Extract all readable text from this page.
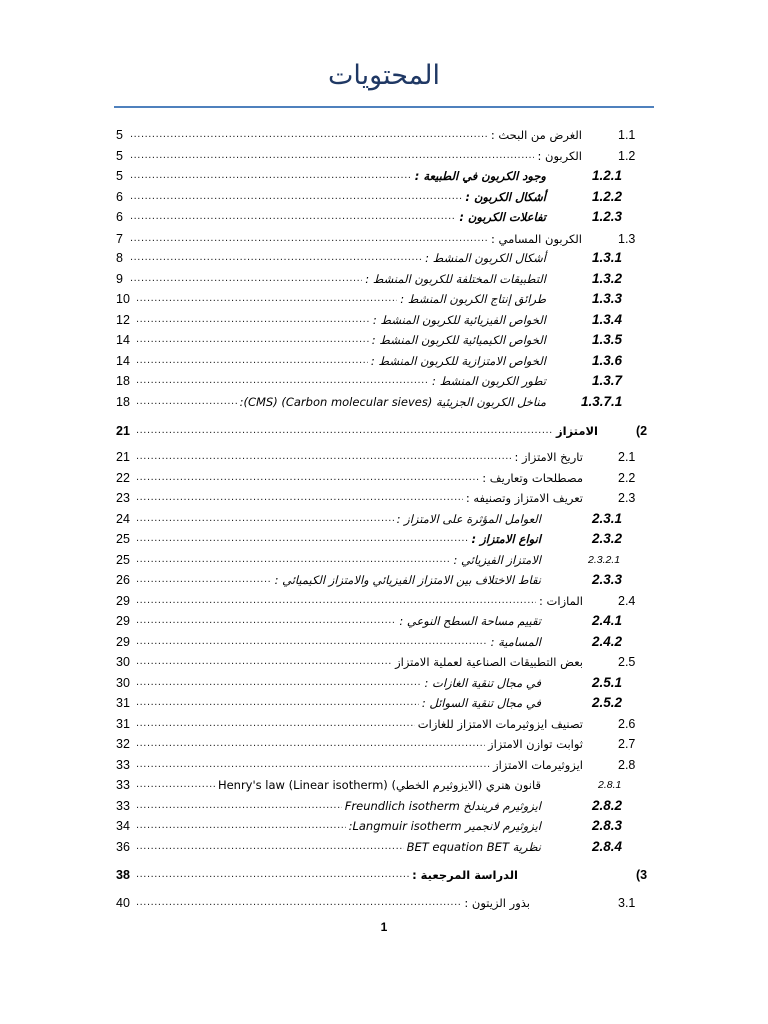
المحتويات
5	الغرض من البحث : .....	1.1
5	الكربون : .....	1.2
5	وجود الكربون في الطبيعة : .....	1.2.1
6	أشكال الكربون : .....	1.2.2
6	تفاعلات الكربون : .....	1.2.3
7	الكربون المسامي : .....	1.3
8	أشكال الكربون المنشط : .....	1.3.1
9	التطبيقات المختلفة للكربون المنشط : .....	1.3.2
10	طرائق إنتاج الكربون المنشط : .....	1.3.3
12	الخواص الفيزيائية للكربون المنشط : .....	1.3.4
14	الخواص الكيميائية للكربون المنشط : .....	1.3.5
14	الخواص الامتزازية للكربون المنشط : .....	1.3.6
18	تطور الكربون المنشط : .....	1.3.7
18	مناخل الكربون الجزيئية (Carbon molecular sieves) (CMS): .....	1.3.7.1
21	الامتزاز .....	(2
21	تاريخ الامتزاز : .....	2.1
22	مصطلحات وتعاريف : .....	2.2
23	تعريف الامتزاز وتصنيفه : .....	2.3
24	العوامل المؤثرة على الامتزاز : .....	2.3.1
25	انواع الامتزاز : .....	2.3.2
25	الامتزاز الفيزيائي : .....	2.3.2.1
26	نقاط الاختلاف بين الامتزاز الفيزيائي والامتزاز الكيميائي : .....	2.3.3
29	المازات : .....	2.4
29	تقييم مساحة السطح النوعي : .....	2.4.1
29	المسامية : .....	2.4.2
30	بعض التطبيقات الصناعية لعملية الامتزاز .....	2.5
30	في مجال تنقية الغازات : .....	2.5.1
31	في مجال تنقية السوائل : .....	2.5.2
31	تصنيف ايزوثيرمات الامتزاز للغازات .....	2.6
32	ثوابت توازن الامتزاز .....	2.7
33	ايزوثيرمات الامتزاز .....	2.8
33	قانون هنري (الايزوثيرم الخطي) Henry's law (Linear isotherm) .....	2.8.1
33	ايزوثيرم فريندلخ Freundlich isotherm .....	2.8.2
34	ايزوثيرم لانجمير Langmuir isotherm: .....	2.8.3
36	نظرية BET equation BET .....	2.8.4
38	الدراسة المرجعية : .....	(3
40	بذور الزيتون : .....	3.1
1
